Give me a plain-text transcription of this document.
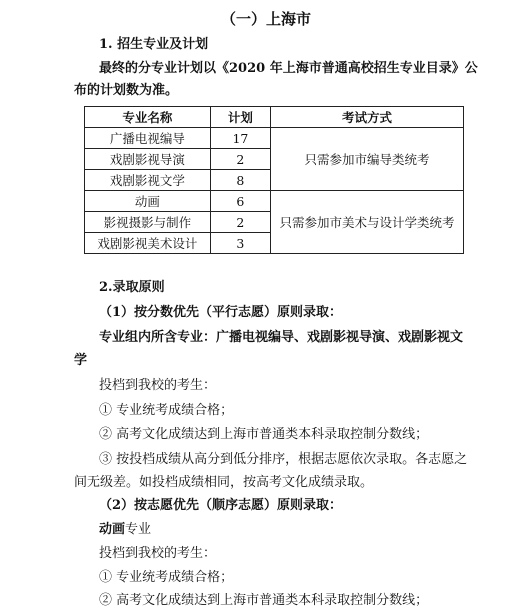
（一）上海市
1. 招生专业及计划
最终的分专业计划以《2020 年上海市普通高校招生专业目录》公
布的计划数为准。
专业名称	计划	考试方式
广播电视编导	17	只需参加市编导类统考
戏剧影视导演	2	
戏剧影视文学	8	
动画	6	只需参加市美术与设计学类统考
影视摄影与制作	2	
戏剧影视美术设计	3	
2.录取原则
（1）按分数优先（平行志愿）原则录取：
专业组内所含专业：广播电视编导、戏剧影视导演、戏剧影视文
学
投档到我校的考生：
① 专业统考成绩合格；
② 高考文化成绩达到上海市普通类本科录取控制分数线；
③ 按投档成绩从高分到低分排序，根据志愿依次录取。各志愿之
间无级差。如投档成绩相同，按高考文化成绩录取。
（2）按志愿优先（顺序志愿）原则录取：
动画专业
投档到我校的考生：
① 专业统考成绩合格；
② 高考文化成绩达到上海市普通类本科录取控制分数线；
